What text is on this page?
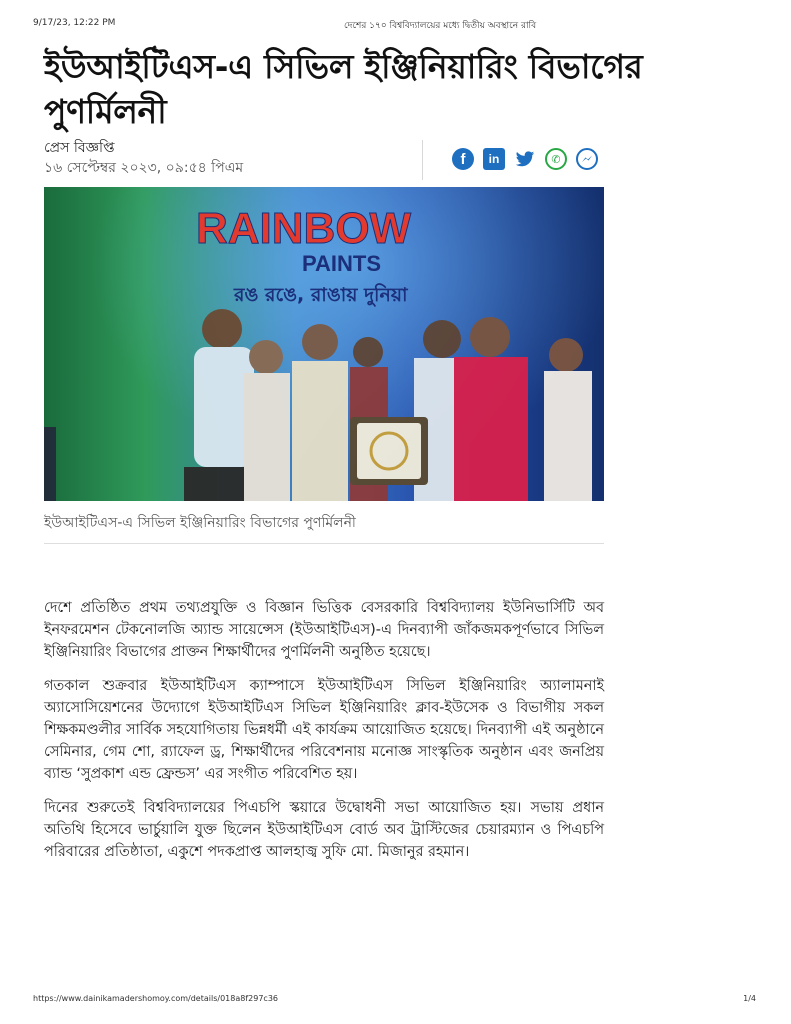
9/17/23, 12:22 PM	দেশের ১৭০ বিশ্ববিদ্যালয়ের মধ্যে দ্বিতীয় অবস্থানে রাবি
ইউআইটিএস-এ সিভিল ইঞ্জিনিয়ারিং বিভাগের পুণর্মিলনী
প্রেস বিজ্ঞপ্তি
১৬ সেপ্টেম্বর ২০২৩, ০৯:৫৪ পিএম
f	in	✆
RAINBOW
PAINTS
রঙ রঙে, রাঙায় দুনিয়া
ইউআইটিএস-এ সিভিল ইঞ্জিনিয়ারিং বিভাগের পুণর্মিলনী

দেশে প্রতিষ্ঠিত প্রথম তথ্যপ্রযুক্তি ও বিজ্ঞান ভিত্তিক বেসরকারি বিশ্ববিদ্যালয় ইউনিভার্সিটি অব ইনফরমেশন টেকনোলজি অ্যান্ড সায়েন্সেস (ইউআইটিএস)-এ দিনব্যাপী জাঁকজমকপূর্ণভাবে সিভিল ইঞ্জিনিয়ারিং বিভাগের প্রাক্তন শিক্ষার্থীদের পুণর্মিলনী অনুষ্ঠিত হয়েছে।

গতকাল শুক্রবার ইউআইটিএস ক্যাম্পাসে ইউআইটিএস সিভিল ইঞ্জিনিয়ারিং অ্যালামনাই অ্যাসোসিয়েশনের উদ্যোগে ইউআইটিএস সিভিল ইঞ্জিনিয়ারিং ক্লাব-ইউসেক ও বিভাগীয় সকল শিক্ষকমণ্ডলীর সার্বিক সহযোগিতায় ভিন্নধর্মী এই কার্যক্রম আয়োজিত হয়েছে। দিনব্যাপী এই অনুষ্ঠানে সেমিনার, গেম শো, র‍্যাফেল ড্র, শিক্ষার্থীদের পরিবেশনায় মনোজ্ঞ সাংস্কৃতিক অনুষ্ঠান এবং জনপ্রিয় ব্যান্ড ‘সুপ্রকাশ এন্ড ফ্রেন্ডস’ এর সংগীত পরিবেশিত হয়।

দিনের শুরুতেই বিশ্ববিদ্যালয়ের পিএচপি স্কয়ারে উদ্বোধনী সভা আয়োজিত হয়। সভায় প্রধান অতিথি হিসেবে ভার্চুয়ালি যুক্ত ছিলেন ইউআইটিএস বোর্ড অব ট্রাস্টিজের চেয়ারম্যান ও পিএচপি পরিবারের প্রতিষ্ঠাতা, একুশে পদকপ্রাপ্ত আলহাজ্ব সুফি মো. মিজানুর রহমান।

https://www.dainikamadershomoy.com/details/018a8f297c36	1/4
